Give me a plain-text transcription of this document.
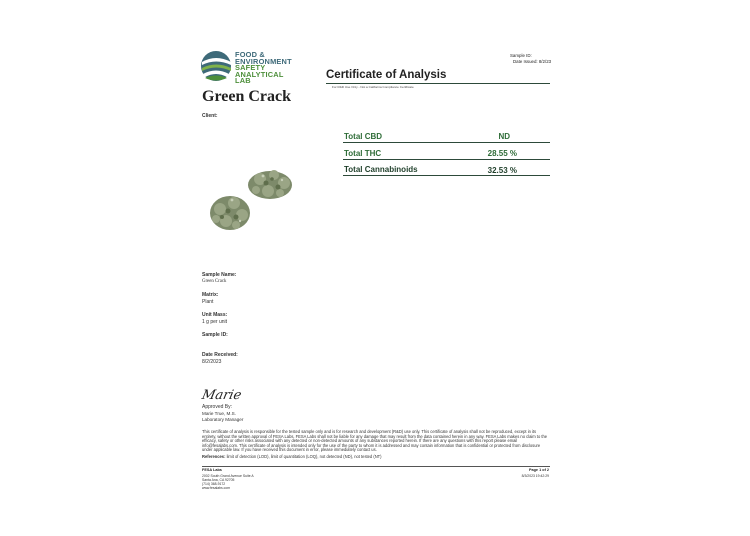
FOOD &
ENVIRONMENT
SAFETY
ANALYTICAL LAB
Sample ID:
Date Issued: 8/2/23
Certificate of Analysis
For R&D Use Only - Not a California Compliance Certificate
Green Crack
Client:
Total CBD	ND
Total THC	28.55 %
Total Cannabinoids	32.53 %
Sample Name:
Green Crack
Matrix:
Plant
Unit Mass:
1 g per unit
Sample ID:
Date Received:
8/2/2023
Marie
Approved By:
Marie True, M.S.
Laboratory Manager
This certificate of analysis is responsible for the tested sample only and is for research and development (R&D) use only. This certificate of analysis shall not be reproduced, except in its entirety, without the written approval of FESA Labs. FESA Labs shall not be liable for any damage that may result from the data contained herein in any way. FESA Labs makes no claim to the efficacy, safety or other risks associated with any detected or non-detected amounts of any substances reported herein. If there are any questions with this report please email info@fesalabs.com. This certificate of analysis is intended only for the use of the party to whom it is addressed and may contain information that is confidential or protected from disclosure under applicable law. If you have received this document in error, please immediately contact us.
References: limit of detection (LOD), limit of quantitation (LOQ), not detected (ND), not tested (NT)
FESA Labs
2002 South Grand Avenue Suite A
Santa Ana, CA 92705
(714) 368-9172
www.fesalabs.com
Page 1 of 2
8/3/2023 19:42:29
